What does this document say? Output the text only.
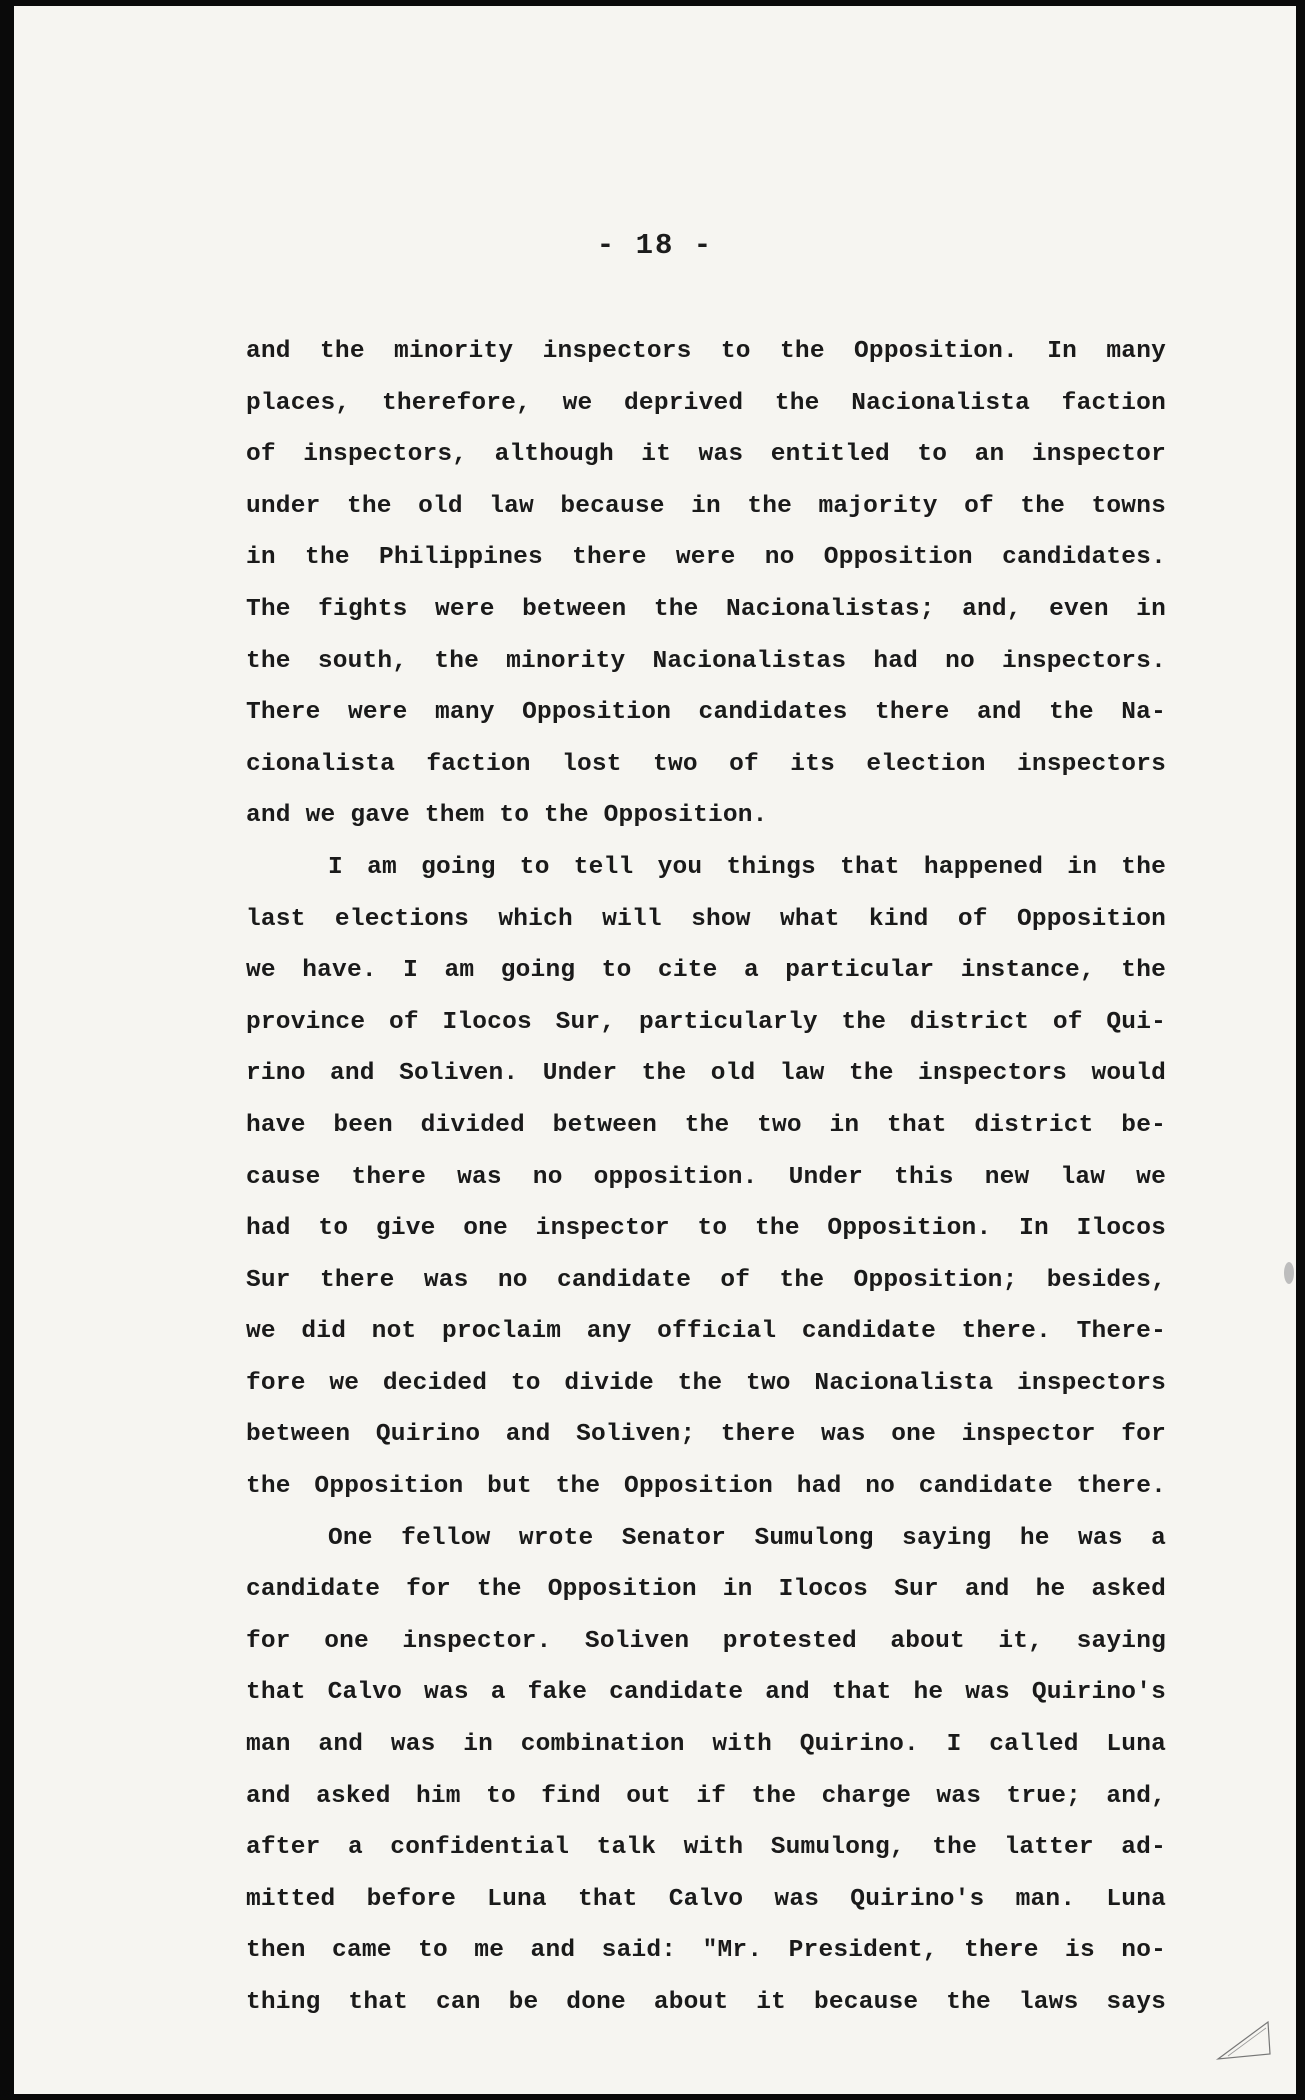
- 18 -
and the minority inspectors to the Opposition. In many
places, therefore, we deprived the Nacionalista faction
of inspectors, although it was entitled to an inspector
under the old law because in the majority of the towns
in the Philippines there were no Opposition candidates.
The fights were between the Nacionalistas; and, even in
the south, the minority Nacionalistas had no inspectors.
There were many Opposition candidates there and the Na-
cionalista faction lost two of its election inspectors
and we gave them to the Opposition.
I am going to tell you things that happened in the
last elections which will show what kind of Opposition
we have. I am going to cite a particular instance, the
province of Ilocos Sur, particularly the district of Qui-
rino and Soliven. Under the old law the inspectors would
have been divided between the two in that district be-
cause there was no opposition. Under this new law we
had to give one inspector to the Opposition. In Ilocos
Sur there was no candidate of the Opposition; besides,
we did not proclaim any official candidate there. There-
fore we decided to divide the two Nacionalista inspectors
between Quirino and Soliven; there was one inspector for
the Opposition but the Opposition had no candidate there.
One fellow wrote Senator Sumulong saying he was a
candidate for the Opposition in Ilocos Sur and he asked
for one inspector. Soliven protested about it, saying
that Calvo was a fake candidate and that he was Quirino's
man and was in combination with Quirino. I called Luna
and asked him to find out if the charge was true; and,
after a confidential talk with Sumulong, the latter ad-
mitted before Luna that Calvo was Quirino's man. Luna
then came to me and said: "Mr. President, there is no-
thing that can be done about it because the laws says
